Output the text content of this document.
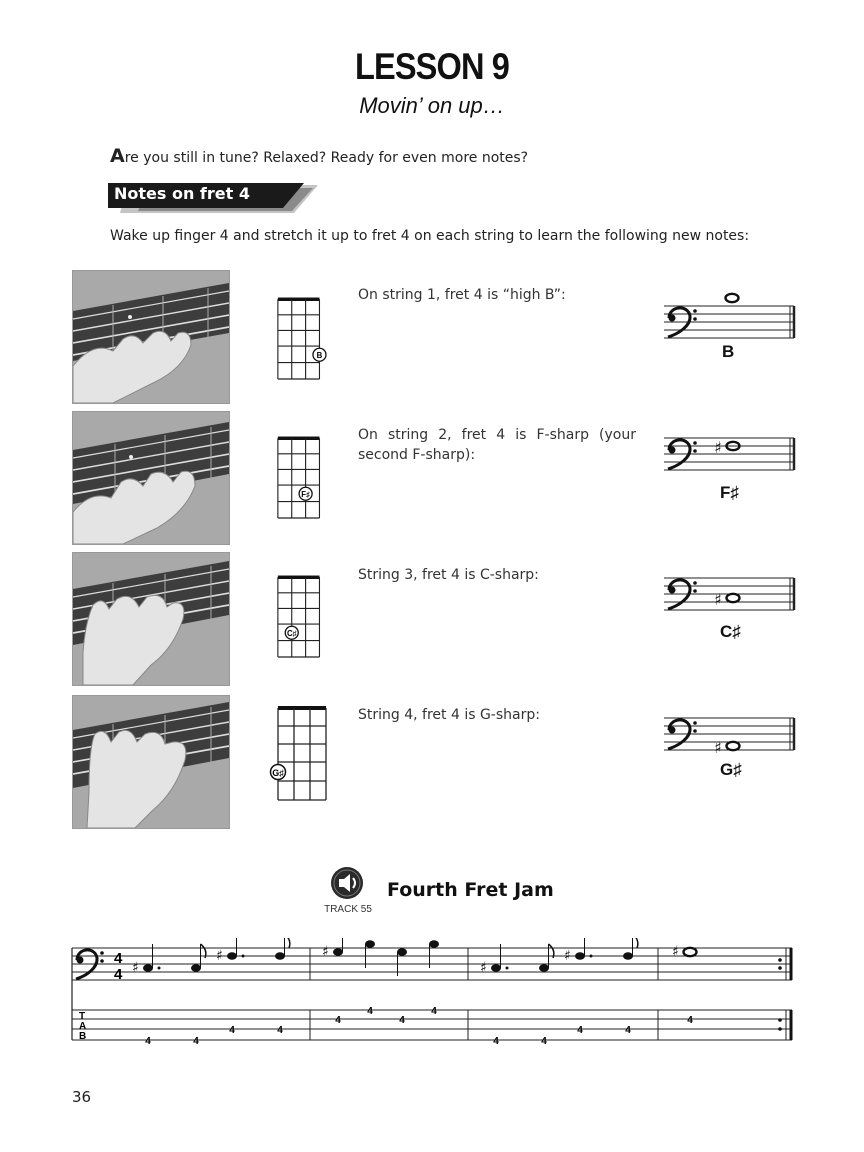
LESSON 9
Movin’ on up…
Are you still in tune? Relaxed? Ready for even more notes?
Notes on fret 4
Wake up finger 4 and stretch it up to fret 4 on each string to learn the following new notes:
B
On string 1, fret 4 is “high B”:
B
F♯
On string 2, fret 4 is F-sharp (your second F-sharp):	♯
F♯
C♯
String 3, fret 4 is C-sharp:
♯
C♯
G♯
String 4, fret 4 is G-sharp:
♯
G♯
TRACK 55
Fourth Fret Jam
4
4
T
A
B
♯
♯	♯
♯
♯	♯
4	4
4	4
4
4
4
4
4	4
4	4
4
36
